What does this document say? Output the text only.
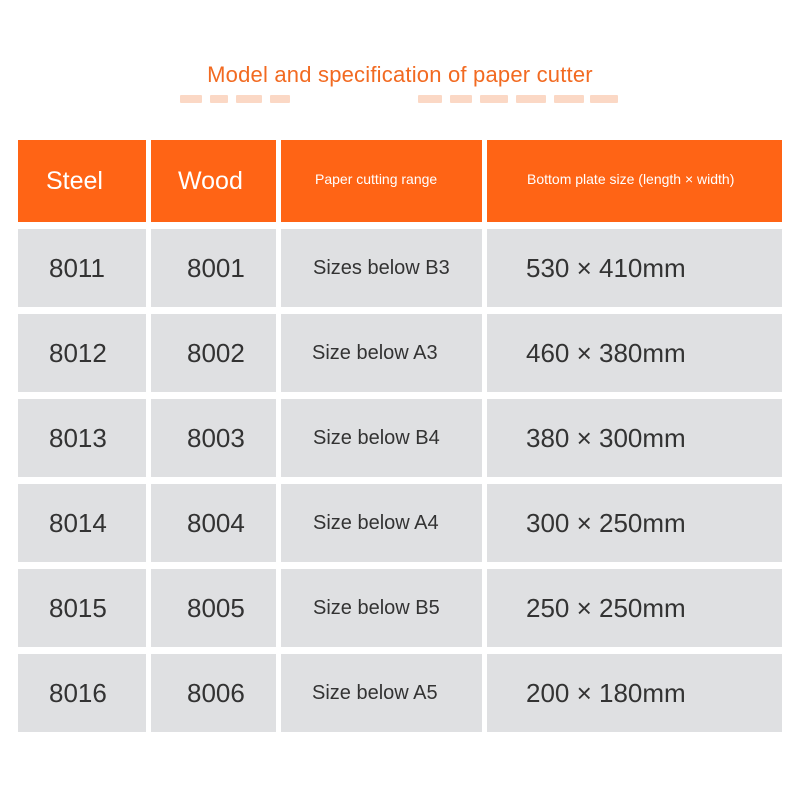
Model and specification of paper cutter
Steel	Wood	Paper cutting range	Bottom plate size (length × width)
8011	8001	Sizes below B3	530 × 410mm
8012	8002	Size below A3	460 × 380mm
8013	8003	Size below B4	380 × 300mm
8014	8004	Size below A4	300 × 250mm
8015	8005	Size below B5	250 × 250mm
8016	8006	Size below A5	200 × 180mm
